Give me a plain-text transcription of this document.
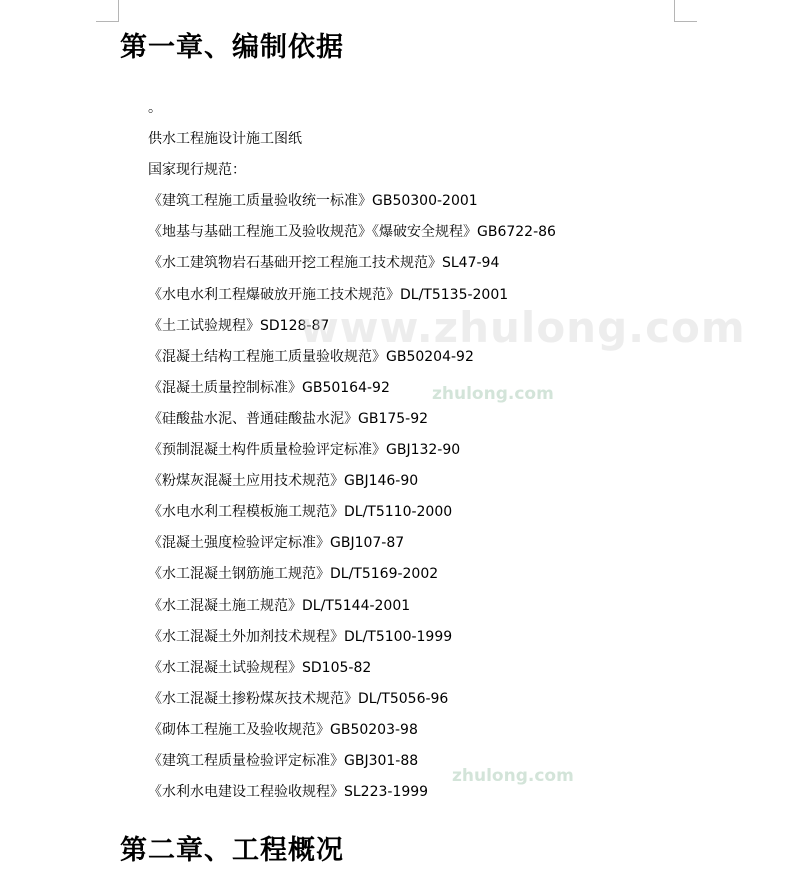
第一章、编制依据
。
供水工程施设计施工图纸
国家现行规范：
《建筑工程施工质量验收统一标准》GB50300-2001
《地基与基础工程施工及验收规范》《爆破安全规程》GB6722-86
《水工建筑物岩石基础开挖工程施工技术规范》SL47-94
《水电水利工程爆破放开施工技术规范》DL/T5135-2001
《土工试验规程》SD128-87
《混凝土结构工程施工质量验收规范》GB50204-92
《混凝土质量控制标准》GB50164-92
《硅酸盐水泥、普通硅酸盐水泥》GB175-92
《预制混凝土构件质量检验评定标准》GBJ132-90
《粉煤灰混凝土应用技术规范》GBJ146-90
《水电水利工程模板施工规范》DL/T5110-2000
《混凝土强度检验评定标准》GBJ107-87
《水工混凝土钢筋施工规范》DL/T5169-2002
《水工混凝土施工规范》DL/T5144-2001
《水工混凝土外加剂技术规程》DL/T5100-1999
《水工混凝土试验规程》SD105-82
《水工混凝土掺粉煤灰技术规范》DL/T5056-96
《砌体工程施工及验收规范》GB50203-98
《建筑工程质量检验评定标准》GBJ301-88
《水利水电建设工程验收规程》SL223-1999
第二章、工程概况
www.zhulong.com
zhulong.com
zhulong.com
